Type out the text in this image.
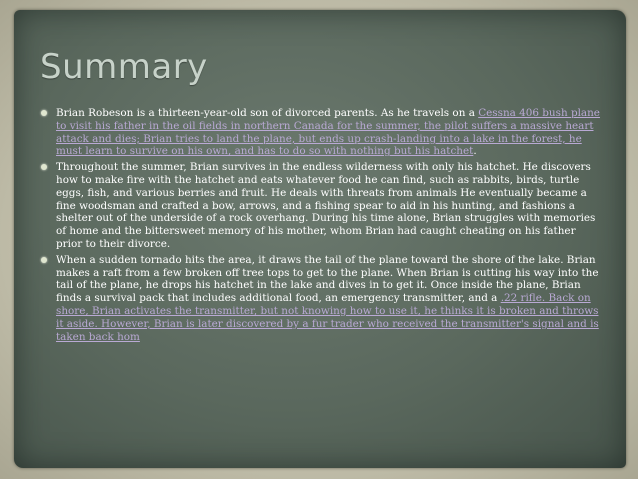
Summary
Brian Robeson is a thirteen-year-old son of divorced parents. As he travels on a Cessna 406 bush plane to visit his father in the oil fields in northern Canada for the summer, the pilot suffers a massive heart attack and dies; Brian tries to land the plane, but ends up crash-landing into a lake in the forest, he must learn to survive on his own, and has to do so with nothing but his hatchet.
Throughout the summer, Brian survives in the endless wilderness with only his hatchet. He discovers how to make fire with the hatchet and eats whatever food he can find, such as rabbits, birds, turtle eggs, fish, and various berries and fruit. He deals with threats from animals He eventually became a fine woodsman and crafted a bow, arrows, and a fishing spear to aid in his hunting, and fashions a shelter out of the underside of a rock overhang. During his time alone, Brian struggles with memories of home and the bittersweet memory of his mother, whom Brian had caught cheating on his father prior to their divorce.
When a sudden tornado hits the area, it draws the tail of the plane toward the shore of the lake. Brian makes a raft from a few broken off tree tops to get to the plane. When Brian is cutting his way into the tail of the plane, he drops his hatchet in the lake and dives in to get it. Once inside the plane, Brian finds a survival pack that includes additional food, an emergency transmitter, and a .22 rifle. Back on shore, Brian activates the transmitter, but not knowing how to use it, he thinks it is broken and throws it aside. However, Brian is later discovered by a fur trader who received the transmitter's signal and is taken back hom
